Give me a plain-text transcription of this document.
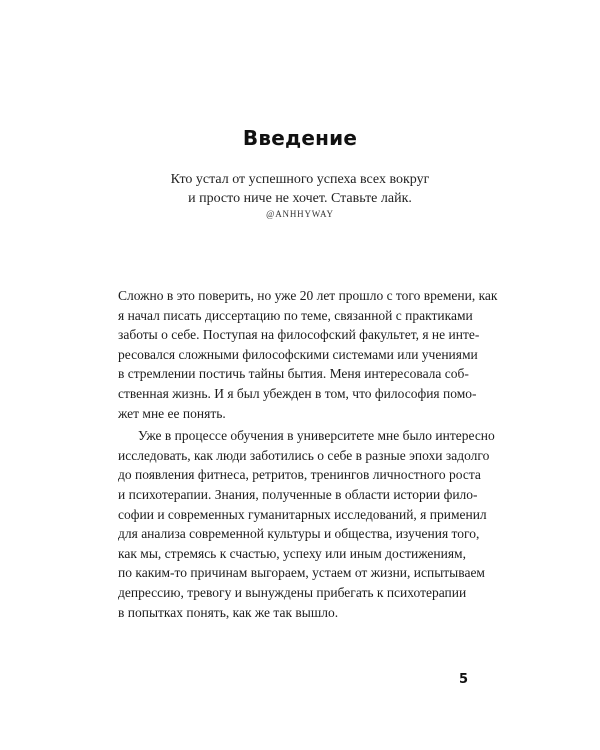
Введение
Кто устал от успешного успеха всех вокруг
и просто ниче не хочет. Ставьте лайк.
@ANHHYWAY
Сложно в это поверить, но уже 20 лет прошло с того времени, как
я начал писать диссертацию по теме, связанной с практиками
заботы о себе. Поступая на философский факультет, я не инте-
ресовался сложными философскими системами или учениями
в стремлении постичь тайны бытия. Меня интересовала соб-
ственная жизнь. И я был убежден в том, что философия помо-
жет мне ее понять.
Уже в процессе обучения в университете мне было интересно
исследовать, как люди заботились о себе в разные эпохи задолго
до появления фитнеса, ретритов, тренингов личностного роста
и психотерапии. Знания, полученные в области истории фило-
софии и современных гуманитарных исследований, я применил
для анализа современной культуры и общества, изучения того,
как мы, стремясь к счастью, успеху или иным достижениям,
по каким-то причинам выгораем, устаем от жизни, испытываем
депрессию, тревогу и вынуждены прибегать к психотерапии
в попытках понять, как же так вышло.
5
